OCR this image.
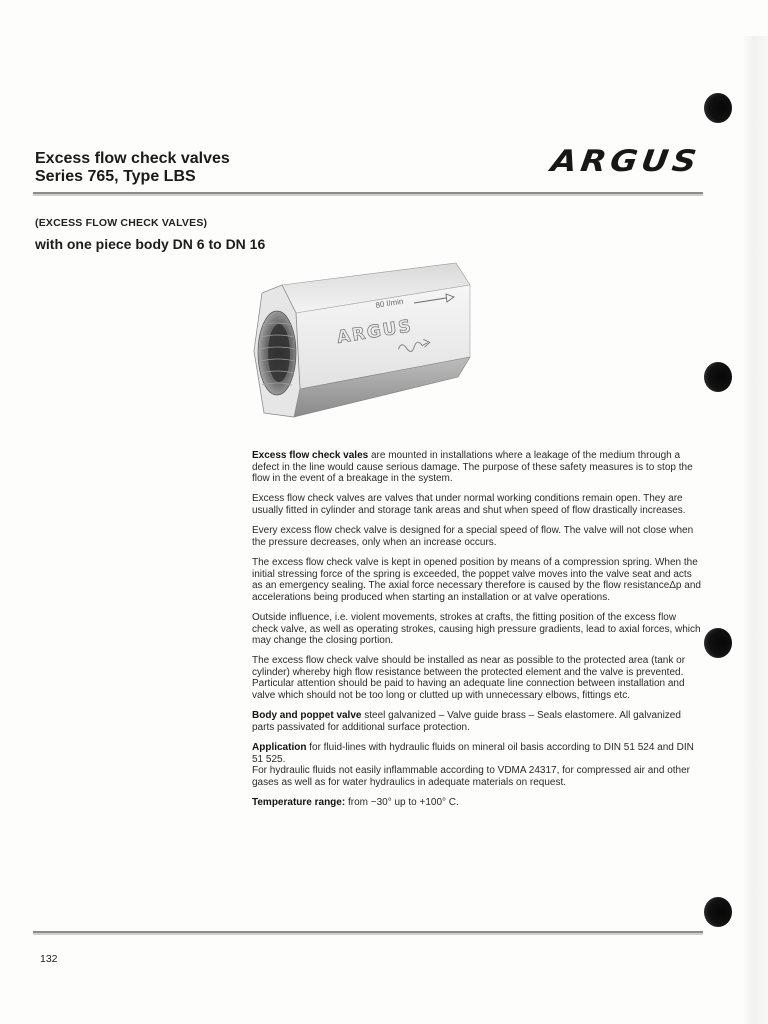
Excess flow check valves
Series 765, Type LBS	ARGUS
(EXCESS FLOW CHECK VALVES)
with one piece body DN 6 to DN 16
80 l/min
ARGUS

Excess flow check vales are mounted in installations where a leakage of the medium through a defect in the line would cause serious damage. The purpose of these safety measures is to stop the flow in the event of a breakage in the system.

Excess flow check valves are valves that under normal working conditions remain open. They are usually fitted in cylinder and storage tank areas and shut when speed of flow drastically increases.

Every excess flow check valve is designed for a special speed of flow. The valve will not close when the pressure decreases, only when an increase occurs.

The excess flow check valve is kept in opened position by means of a compression spring. When the initial stressing force of the spring is exceeded, the poppet valve moves into the valve seat and acts as an emergency sealing. The axial force necessary therefore is caused by the flow resistanceΔp and accelerations being produced when starting an installation or at valve operations.

Outside influence, i.e. violent movements, strokes at crafts, the fitting position of the excess flow check valve, as well as operating strokes, causing high pressure gradients, lead to axial forces, which may change the closing portion.

The excess flow check valve should be installed as near as possible to the protected area (tank or cylinder) whereby high flow resistance between the protected element and the valve is prevented. Particular attention should be paid to having an adequate line connection between installation and valve which should not be too long or clutted up with unnecessary elbows, fittings etc.

Body and poppet valve steel galvanized – Valve guide brass – Seals elastomere. All galvanized parts passivated for additional surface protection.

Application for fluid-lines with hydraulic fluids on mineral oil basis according to DIN 51 524 and DIN 51 525.
For hydraulic fluids not easily inflammable according to VDMA 24317, for compressed air and other gases as well as for water hydraulics in adequate materials on request.

Temperature range: from −30° up to +100° C.

132
